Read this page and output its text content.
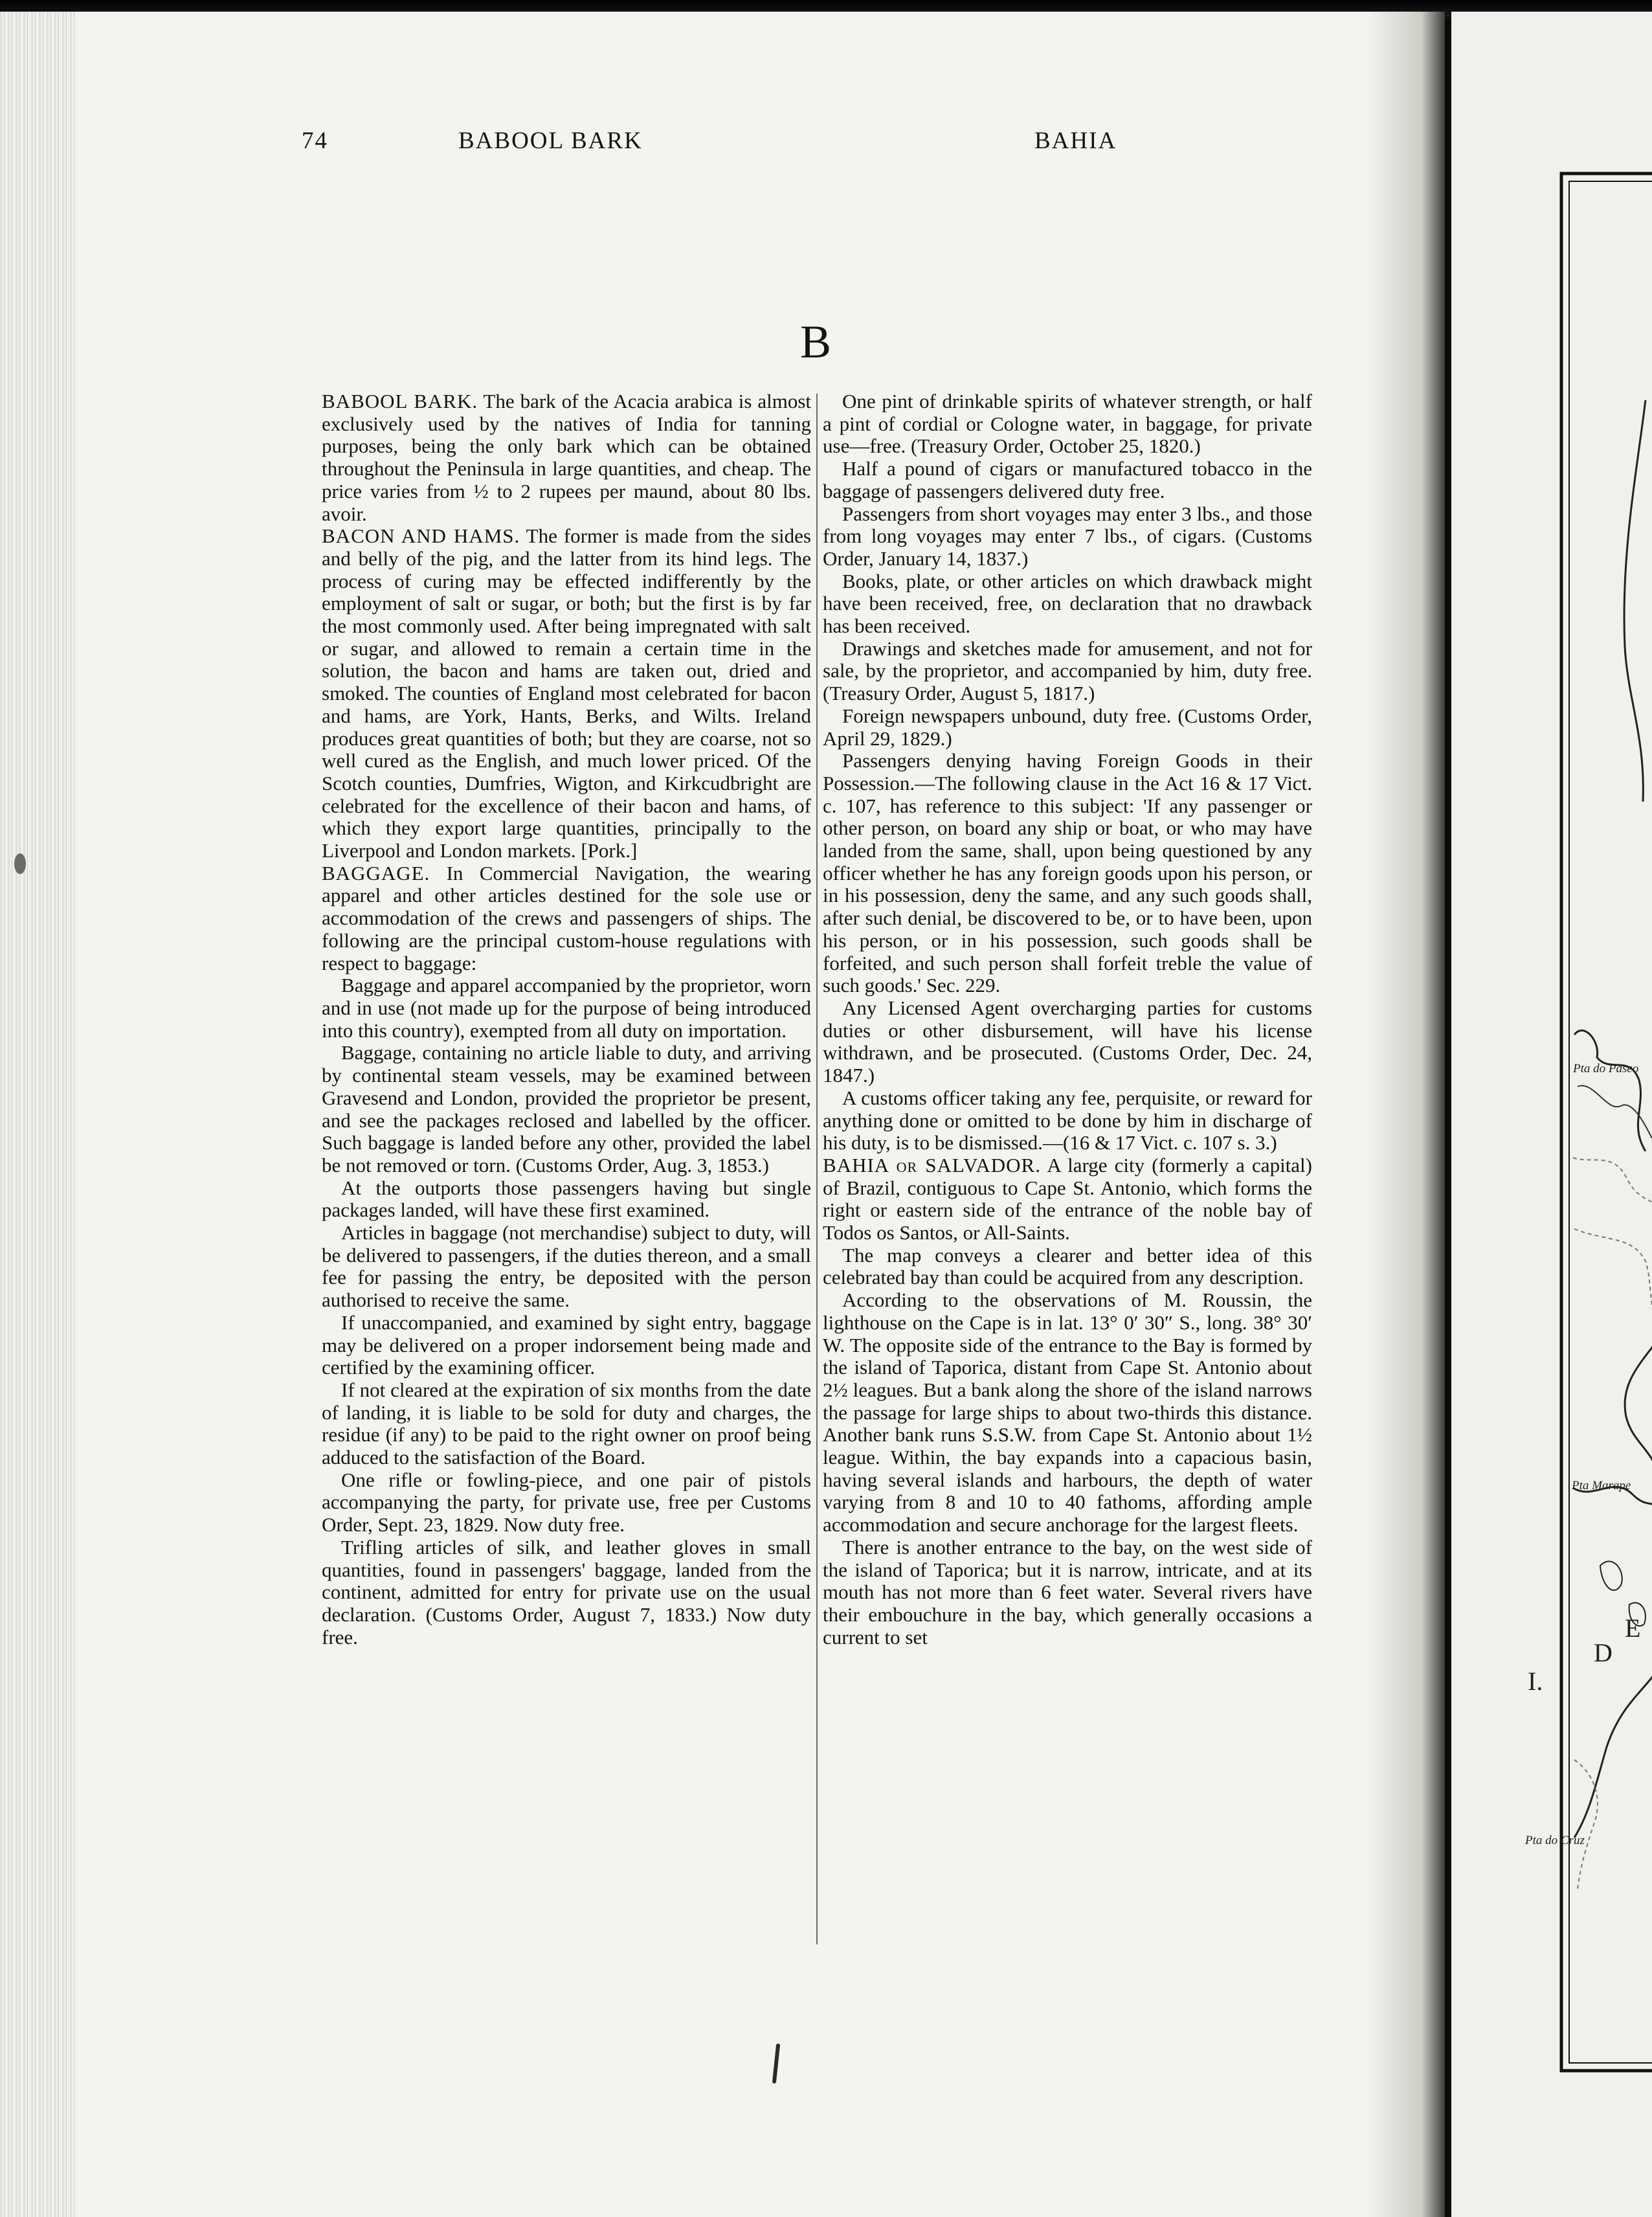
74	BABOOL BARK	BAHIA
B

BABOOL BARK. The bark of the Acacia arabica is almost exclusively used by the natives of India for tanning purposes, being the only bark which can be obtained throughout the Peninsula in large quantities, and cheap. The price varies from ½ to 2 rupees per maund, about 80 lbs. avoir.

BACON AND HAMS. The former is made from the sides and belly of the pig, and the latter from its hind legs. The process of curing may be effected indifferently by the employment of salt or sugar, or both; but the first is by far the most commonly used. After being impregnated with salt or sugar, and allowed to remain a certain time in the solution, the bacon and hams are taken out, dried and smoked. The counties of England most celebrated for bacon and hams, are York, Hants, Berks, and Wilts. Ireland produces great quantities of both; but they are coarse, not so well cured as the English, and much lower priced. Of the Scotch counties, Dumfries, Wigton, and Kirkcudbright are celebrated for the excellence of their bacon and hams, of which they export large quantities, principally to the Liverpool and London markets. [Pork.]

BAGGAGE. In Commercial Navigation, the wearing apparel and other articles destined for the sole use or accommodation of the crews and passengers of ships. The following are the principal custom-house regulations with respect to baggage:

Baggage and apparel accompanied by the proprietor, worn and in use (not made up for the purpose of being introduced into this country), exempted from all duty on importation.

Baggage, containing no article liable to duty, and arriving by continental steam vessels, may be examined between Gravesend and London, provided the proprietor be present, and see the packages reclosed and labelled by the officer. Such baggage is landed before any other, provided the label be not removed or torn. (Customs Order, Aug. 3, 1853.)

At the outports those passengers having but single packages landed, will have these first examined.

Articles in baggage (not merchandise) subject to duty, will be delivered to passengers, if the duties thereon, and a small fee for passing the entry, be deposited with the person authorised to receive the same.

If unaccompanied, and examined by sight entry, baggage may be delivered on a proper indorsement being made and certified by the examining officer.

If not cleared at the expiration of six months from the date of landing, it is liable to be sold for duty and charges, the residue (if any) to be paid to the right owner on proof being adduced to the satisfaction of the Board.

One rifle or fowling-piece, and one pair of pistols accompanying the party, for private use, free per Customs Order, Sept. 23, 1829. Now duty free.

Trifling articles of silk, and leather gloves in small quantities, found in passengers' baggage, landed from the continent, admitted for entry for private use on the usual declaration. (Customs Order, August 7, 1833.) Now duty free.

One pint of drinkable spirits of whatever strength, or half a pint of cordial or Cologne water, in baggage, for private use—free. (Treasury Order, October 25, 1820.)

Half a pound of cigars or manufactured tobacco in the baggage of passengers delivered duty free.

Passengers from short voyages may enter 3 lbs., and those from long voyages may enter 7 lbs., of cigars. (Customs Order, January 14, 1837.)

Books, plate, or other articles on which drawback might have been received, free, on declaration that no drawback has been received.

Drawings and sketches made for amusement, and not for sale, by the proprietor, and accompanied by him, duty free. (Treasury Order, August 5, 1817.)

Foreign newspapers unbound, duty free. (Customs Order, April 29, 1829.)

Passengers denying having Foreign Goods in their Possession.—The following clause in the Act 16 & 17 Vict. c. 107, has reference to this subject: 'If any passenger or other person, on board any ship or boat, or who may have landed from the same, shall, upon being questioned by any officer whether he has any foreign goods upon his person, or in his possession, deny the same, and any such goods shall, after such denial, be discovered to be, or to have been, upon his person, or in his possession, such goods shall be forfeited, and such person shall forfeit treble the value of such goods.' Sec. 229.

Any Licensed Agent overcharging parties for customs duties or other disbursement, will have his license withdrawn, and be prosecuted. (Customs Order, Dec. 24, 1847.)

A customs officer taking any fee, perquisite, or reward for anything done or omitted to be done by him in discharge of his duty, is to be dismissed.—(16 & 17 Vict. c. 107 s. 3.)

BAHIA or SALVADOR. A large city (formerly a capital) of Brazil, contiguous to Cape St. Antonio, which forms the right or eastern side of the entrance of the noble bay of Todos os Santos, or All-Saints.

The map conveys a clearer and better idea of this celebrated bay than could be acquired from any description.

According to the observations of M. Roussin, the lighthouse on the Cape is in lat. 13° 0′ 30″ S., long. 38° 30′ W. The opposite side of the entrance to the Bay is formed by the island of Taporica, distant from Cape St. Antonio about 2½ leagues. But a bank along the shore of the island narrows the passage for large ships to about two-thirds this distance. Another bank runs S.S.W. from Cape St. Antonio about 1½ league. Within, the bay expands into a capacious basin, having several islands and harbours, the depth of water varying from 8 and 10 to 40 fathoms, affording ample accommodation and secure anchorage for the largest fleets.

There is another entrance to the bay, on the west side of the island of Taporica; but it is narrow, intricate, and at its mouth has not more than 6 feet water. Several rivers have their embouchure in the bay, which generally occasions a current to set

Pta do Paseo
Pta Marape
Pta do Cruz
I.
D
E
